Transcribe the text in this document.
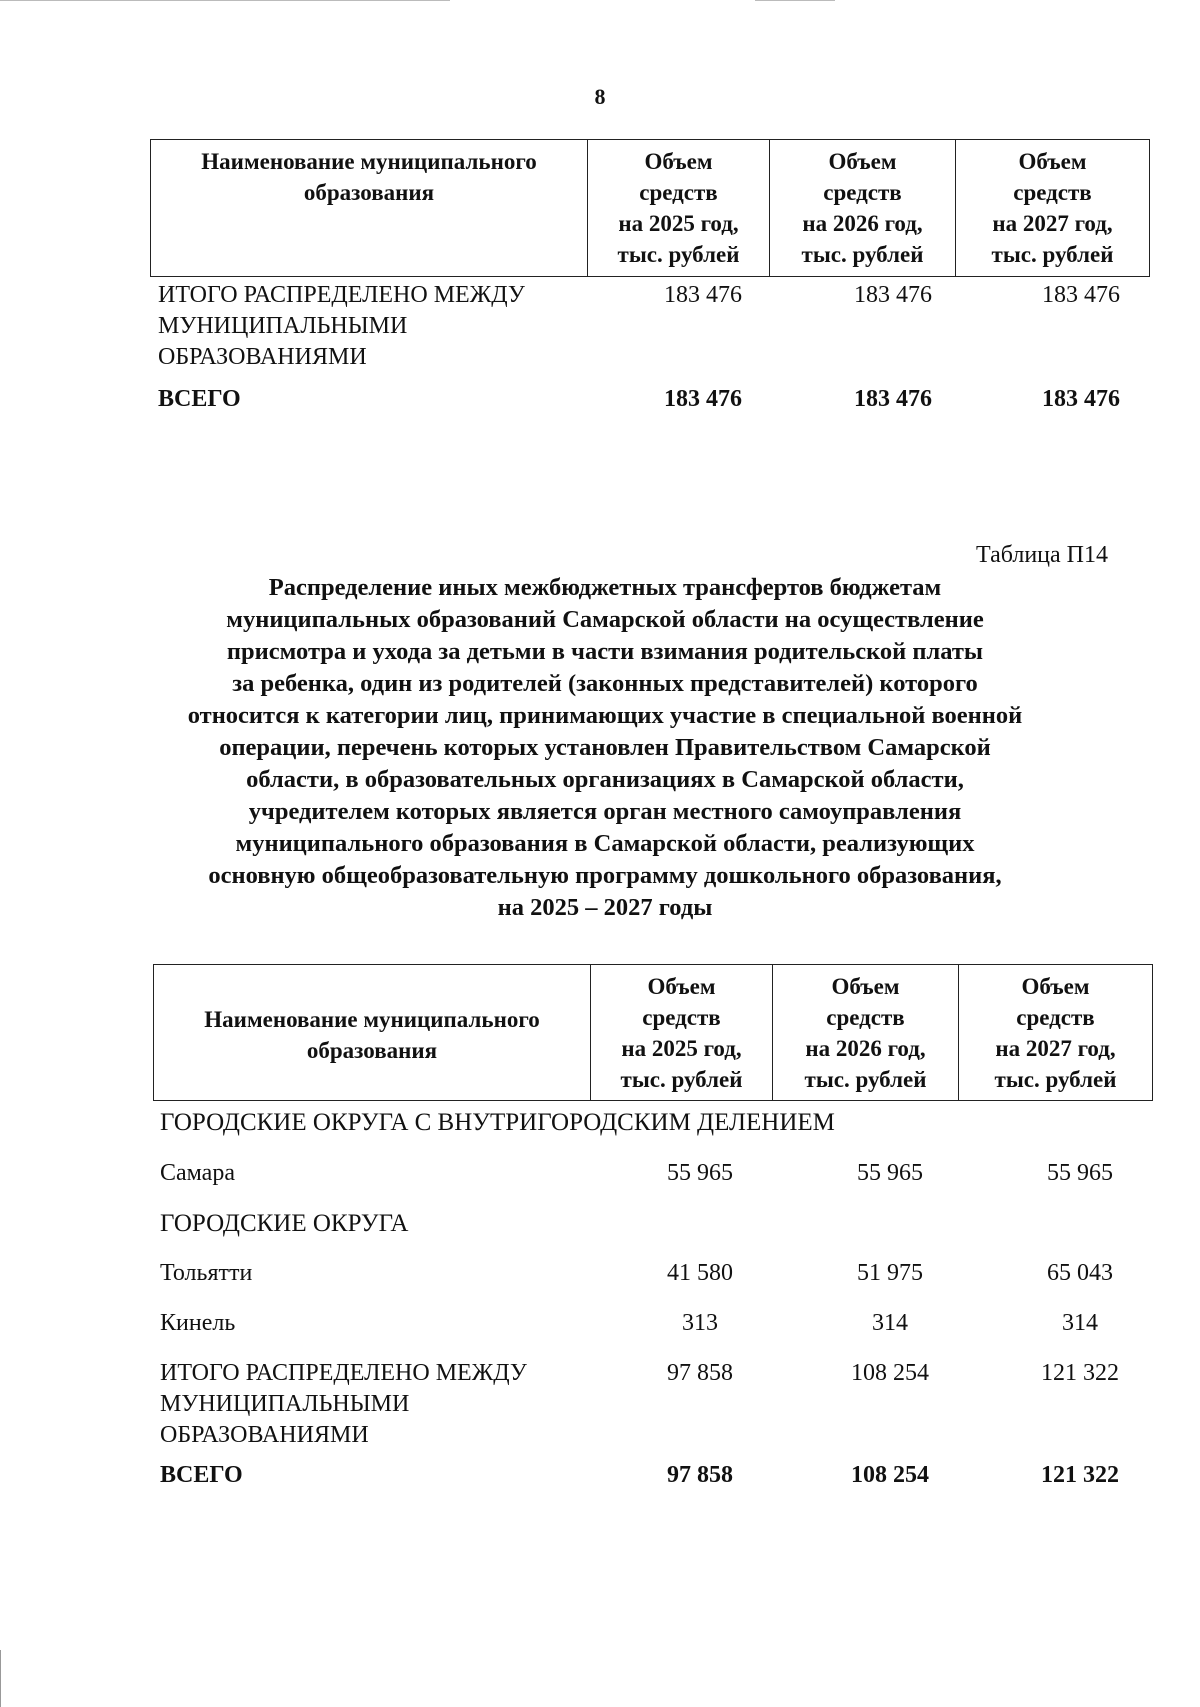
8
Наименование муниципального образования	
Объем
средств
на 2025 год,
тыс. рублей

Объем
средств
на 2026 год,
тыс. рублей

Объем
средств
на 2027 год,
тыс. рублей
ИТОГО РАСПРЕДЕЛЕНО МЕЖДУ МУНИЦИПАЛЬНЫМИ ОБРАЗОВАНИЯМИ
183 476	183 476	183 476
ВСЕГО	183 476	183 476	183 476
Таблица П14
Распределение иных межбюджетных трансфертов бюджетам
муниципальных образований Самарской области на осуществление
присмотра и ухода за детьми в части взимания родительской платы
за ребенка, один из родителей (законных представителей) которого
относится к категории лиц, принимающих участие в специальной военной
операции, перечень которых установлен Правительством Самарской
области, в образовательных организациях в Самарской области,
учредителем которых является орган местного самоуправления
муниципального образования в Самарской области, реализующих
основную общеобразовательную программу дошкольного образования,
на 2025 – 2027 годы
Наименование муниципального образования	
Объем
средств
на 2025 год,
тыс. рублей

Объем
средств
на 2026 год,
тыс. рублей

Объем
средств
на 2027 год,
тыс. рублей
ГОРОДСКИЕ ОКРУГА С ВНУТРИГОРОДСКИМ ДЕЛЕНИЕМ
Самара	55 965	55 965	55 965
ГОРОДСКИЕ ОКРУГА
Тольятти	41 580	51 975	65 043
Кинель	313	314	314
ИТОГО РАСПРЕДЕЛЕНО МЕЖДУ МУНИЦИПАЛЬНЫМИ ОБРАЗОВАНИЯМИ
97 858	108 254	121 322
ВСЕГО	97 858	108 254	121 322
